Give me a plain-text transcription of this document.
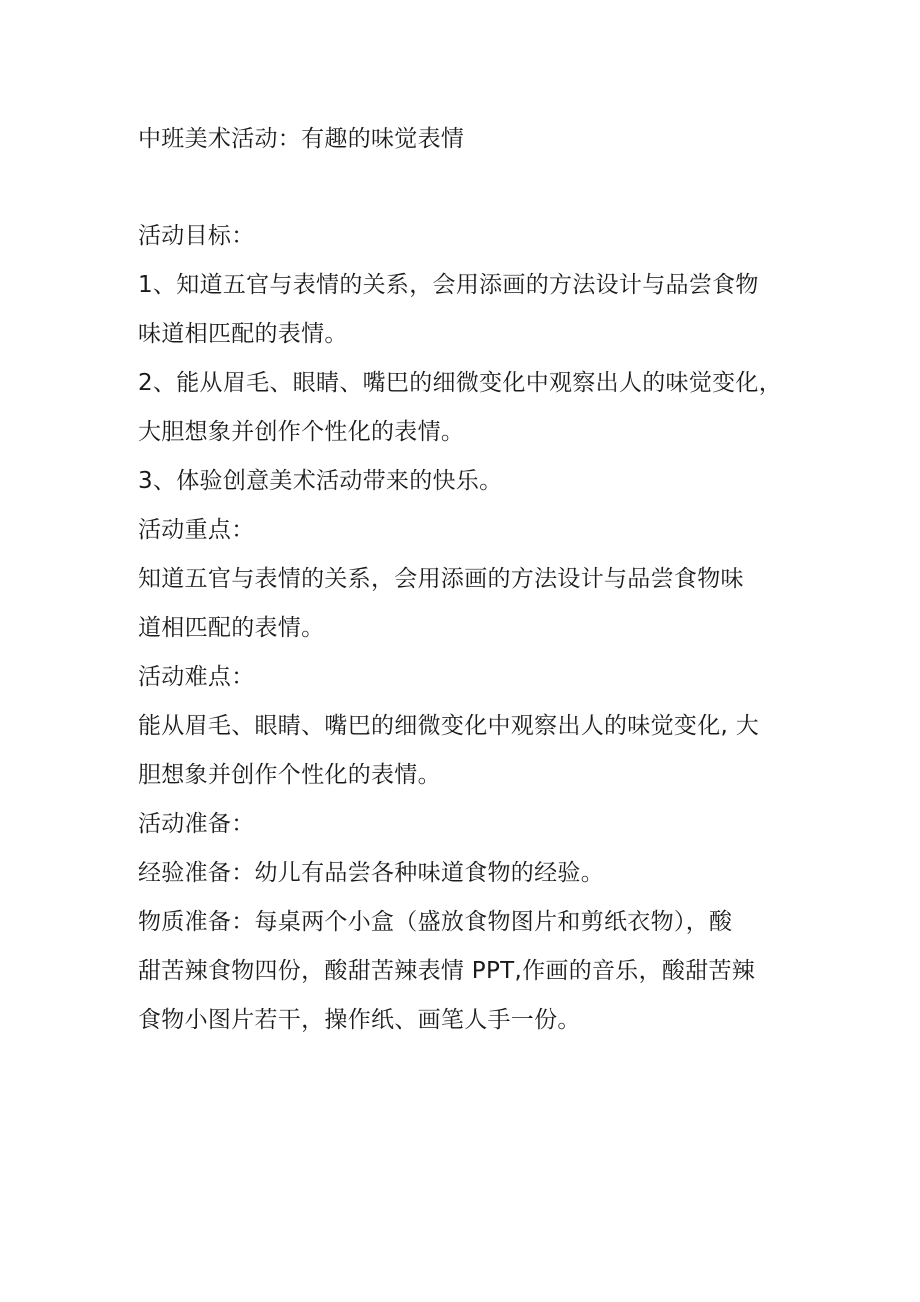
中班美术活动：有趣的味觉表情

活动目标：

1、知道五官与表情的关系，会用添画的方法设计与品尝食物

味道相匹配的表情。

2、能从眉毛、眼睛、嘴巴的细微变化中观察出人的味觉变化，

大胆想象并创作个性化的表情。

3、体验创意美术活动带来的快乐。

活动重点：

知道五官与表情的关系，会用添画的方法设计与品尝食物味

道相匹配的表情。

活动难点：

能从眉毛、眼睛、嘴巴的细微变化中观察出人的味觉变化, 大

胆想象并创作个性化的表情。

活动准备：

经验准备：幼儿有品尝各种味道食物的经验。

物质准备：每桌两个小盒（盛放食物图片和剪纸衣物），酸

甜苦辣食物四份，酸甜苦辣表情 PPT,作画的音乐，酸甜苦辣

食物小图片若干，操作纸、画笔人手一份。
